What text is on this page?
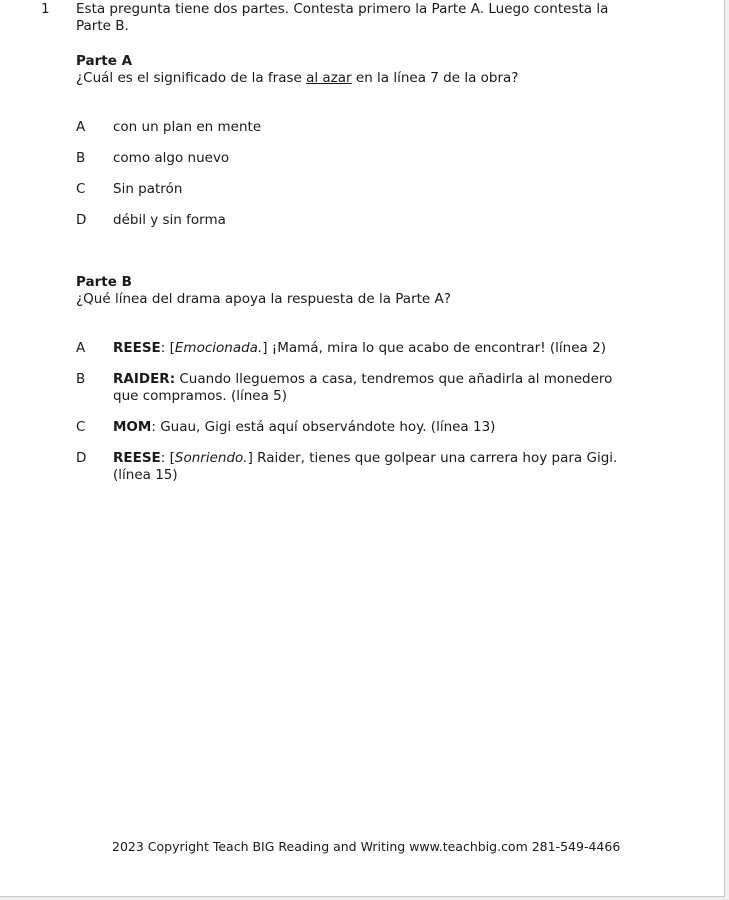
1 Esta pregunta tiene dos partes. Contesta primero la Parte A. Luego contesta la
Parte B.
Parte A
¿Cuál es el significado de la frase al azar en la línea 7 de la obra?
A con un plan en mente
B como algo nuevo
C Sin patrón
D débil y sin forma
Parte B
¿Qué línea del drama apoya la respuesta de la Parte A?
A REESE: [Emocionada.] ¡Mamá, mira lo que acabo de encontrar! (línea 2)
B RAIDER: Cuando lleguemos a casa, tendremos que añadirla al monedero
que compramos. (línea 5)
C MOM: Guau, Gigi está aquí observándote hoy. (línea 13)
D REESE: [Sonriendo.] Raider, tienes que golpear una carrera hoy para Gigi.
(línea 15)
2023 Copyright Teach BIG Reading and Writing www.teachbig.com 281-549-4466
